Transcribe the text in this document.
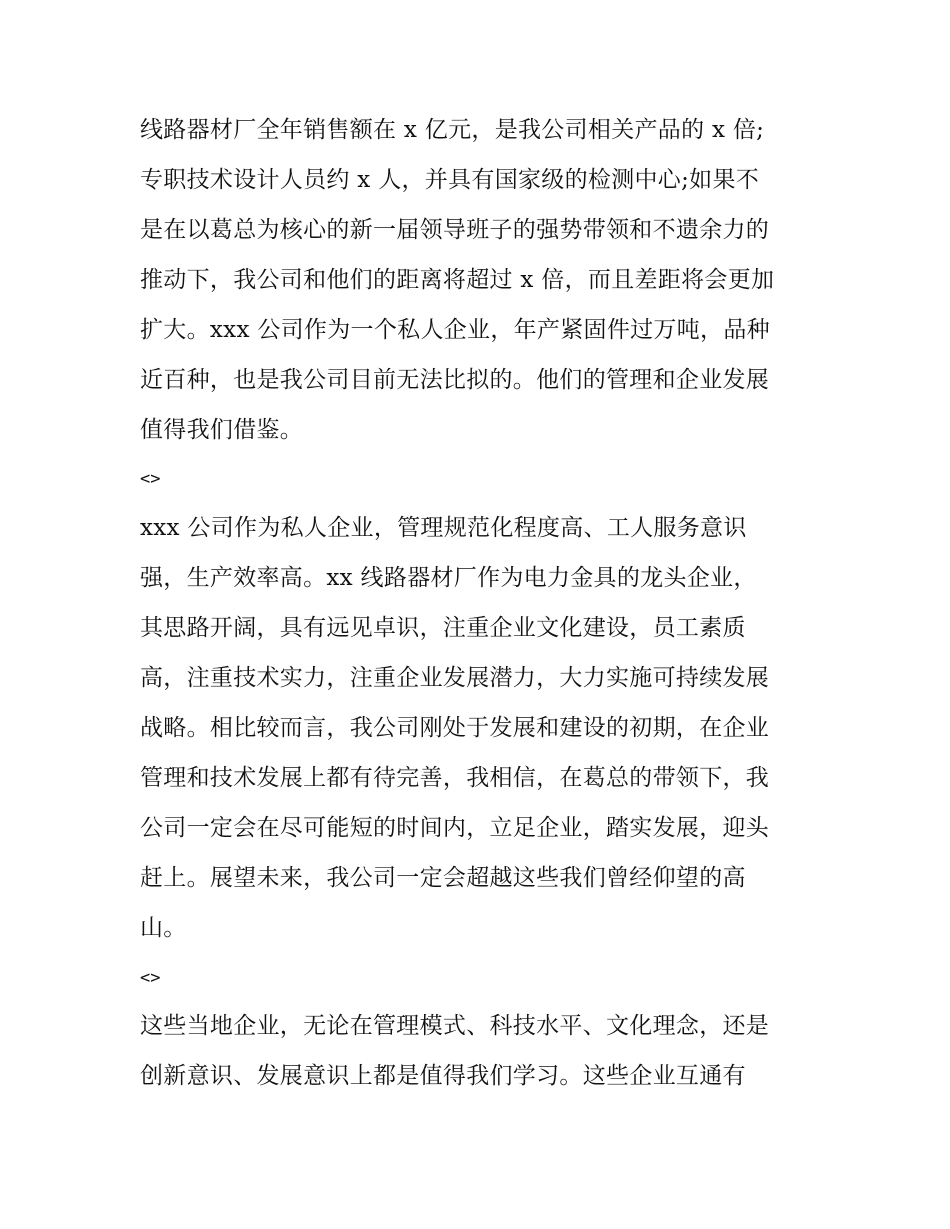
线路器材厂全年销售额在 x 亿元，是我公司相关产品的 x 倍;
专职技术设计人员约 x 人，并具有国家级的检测中心;如果不
是在以葛总为核心的新一届领导班子的强势带领和不遗余力的
推动下，我公司和他们的距离将超过 x 倍，而且差距将会更加
扩大。xxx 公司作为一个私人企业，年产紧固件过万吨，品种
近百种，也是我公司目前无法比拟的。他们的管理和企业发展
值得我们借鉴。
<>
xxx 公司作为私人企业，管理规范化程度高、工人服务意识
强，生产效率高。xx 线路器材厂作为电力金具的龙头企业，
其思路开阔，具有远见卓识，注重企业文化建设，员工素质
高，注重技术实力，注重企业发展潜力，大力实施可持续发展
战略。相比较而言，我公司刚处于发展和建设的初期，在企业
管理和技术发展上都有待完善，我相信，在葛总的带领下，我
公司一定会在尽可能短的时间内，立足企业，踏实发展，迎头
赶上。展望未来，我公司一定会超越这些我们曾经仰望的高
山。
<>
这些当地企业，无论在管理模式、科技水平、文化理念，还是
创新意识、发展意识上都是值得我们学习。这些企业互通有
